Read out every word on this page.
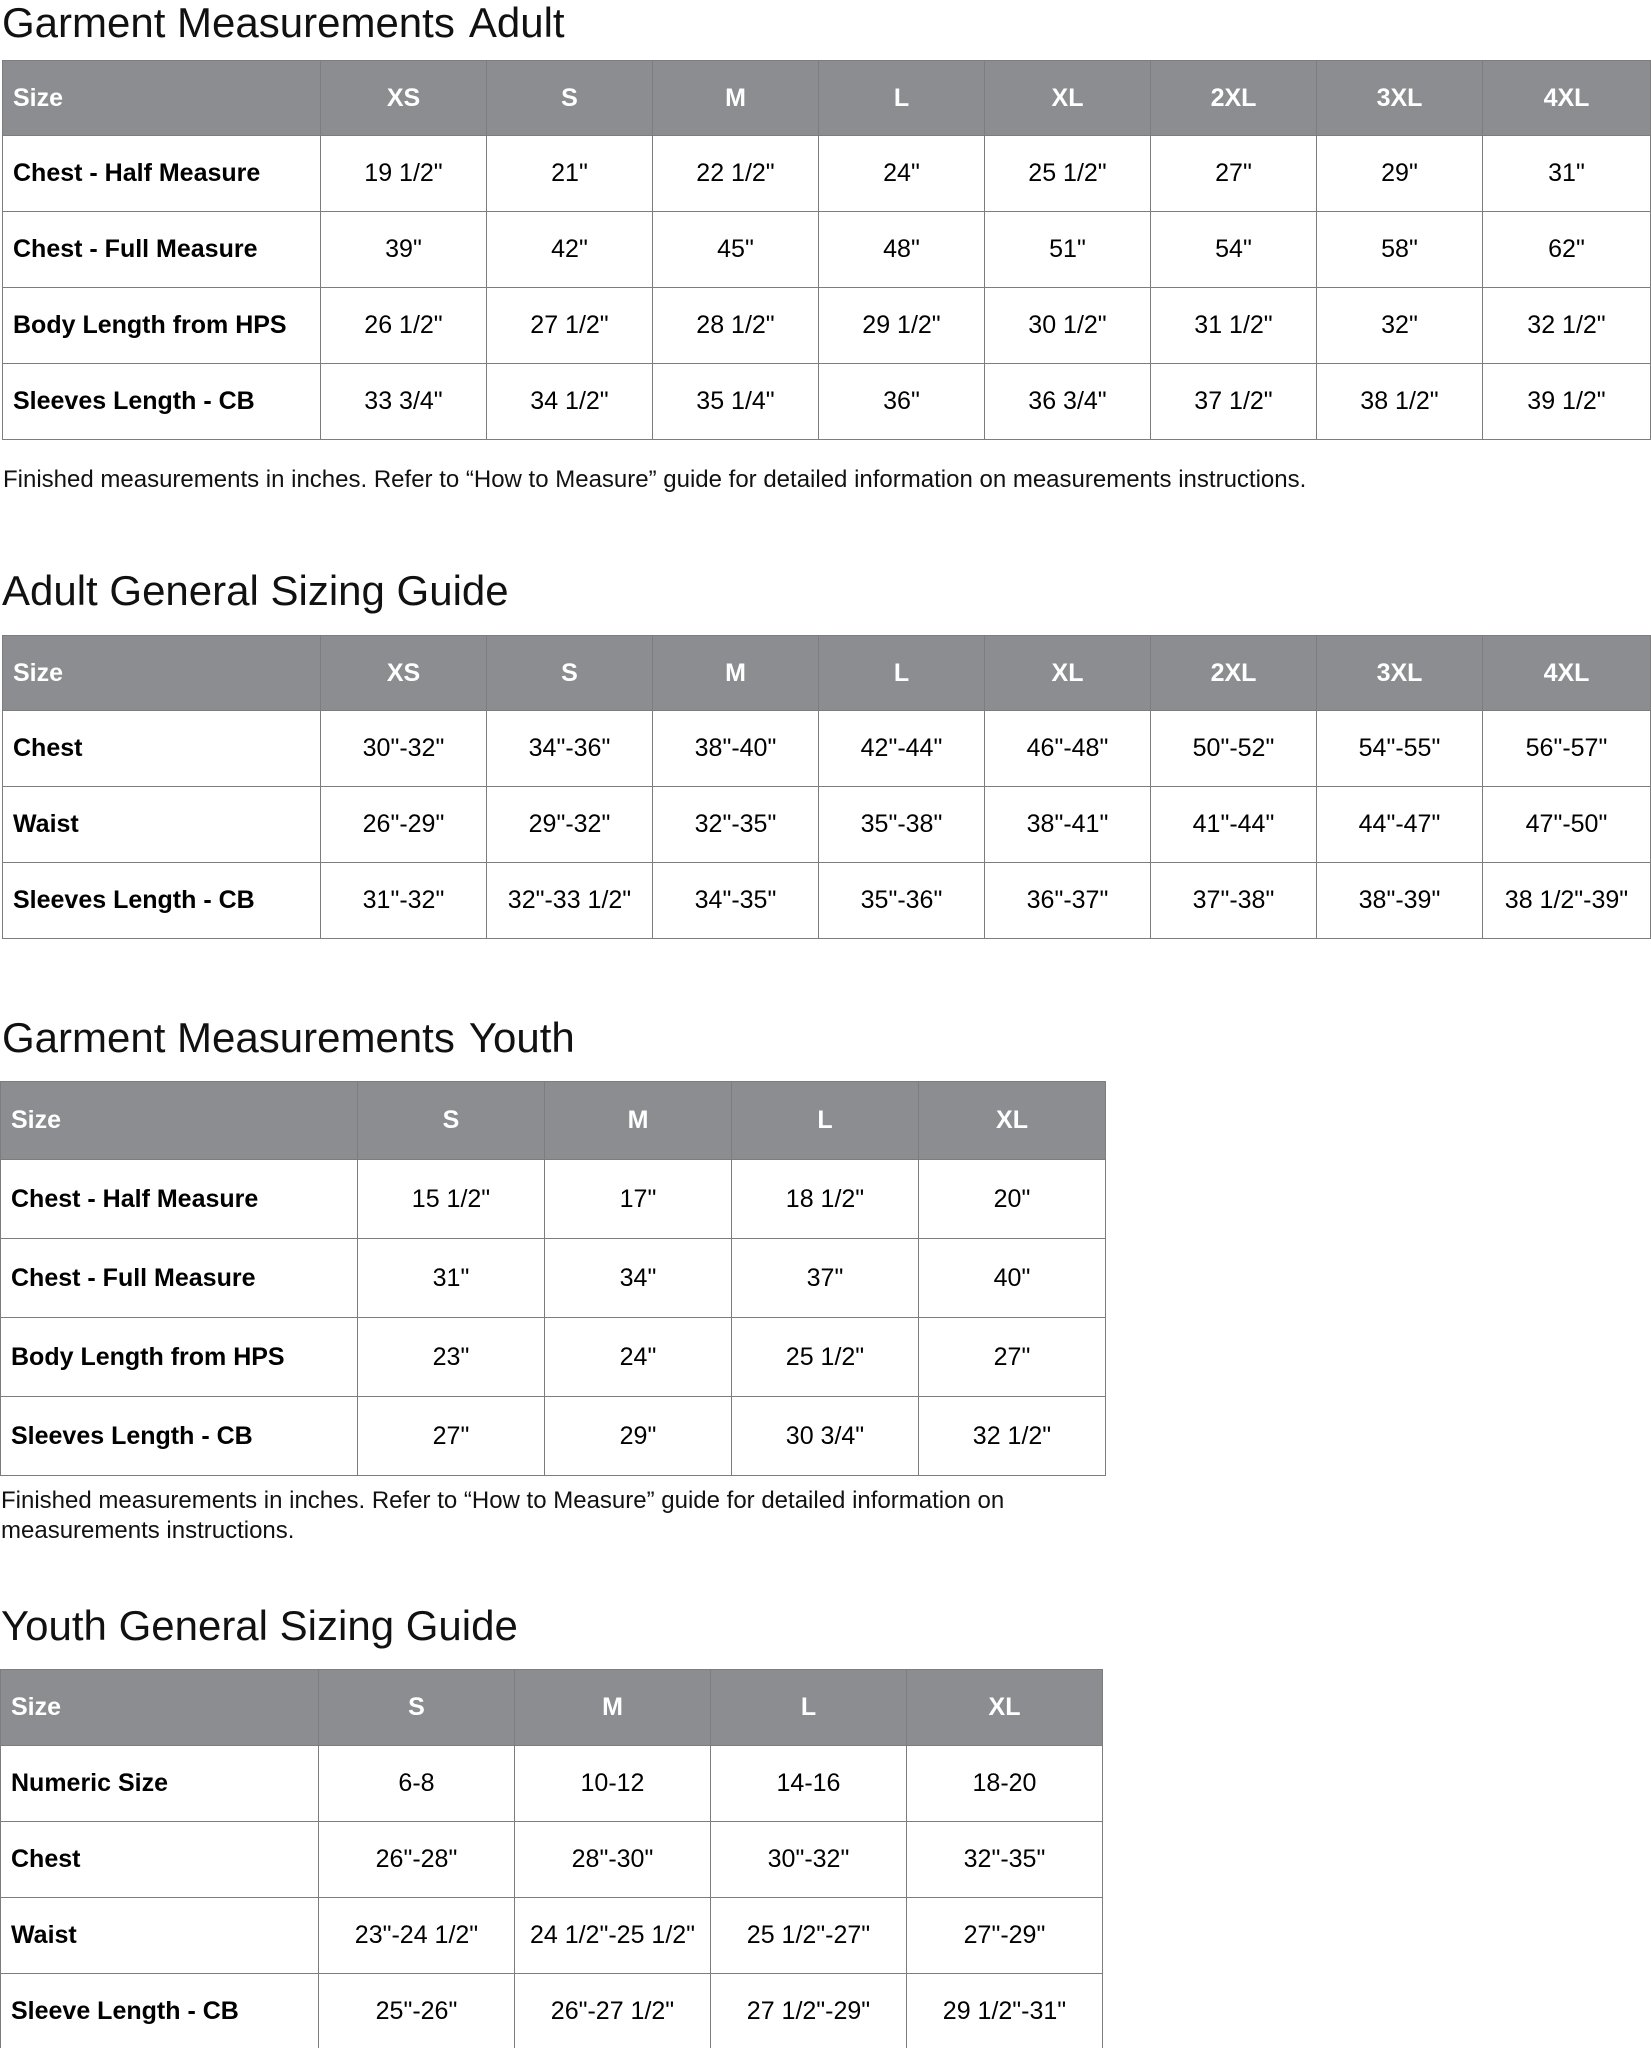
Garment Measurements Adult
Size	XS	S	M	L	XL	2XL	3XL	4XL
Chest - Half Measure	19 1/2"	21"	22 1/2"	24"	25 1/2"	27"	29"	31"
Chest - Full Measure	39"	42"	45"	48"	51"	54"	58"	62"
Body Length from HPS	26 1/2"	27 1/2"	28 1/2"	29 1/2"	30 1/2"	31 1/2"	32"	32 1/2"
Sleeves Length - CB	33 3/4"	34 1/2"	35 1/4"	36"	36 3/4"	37 1/2"	38 1/2"	39 1/2"

Finished measurements in inches. Refer to “How to Measure” guide for detailed information on measurements instructions.

Adult General Sizing Guide
Size	XS	S	M	L	XL	2XL	3XL	4XL
Chest	30"-32"	34"-36"	38"-40"	42"-44"	46"-48"	50"-52"	54"-55"	56"-57"
Waist	26"-29"	29"-32"	32"-35"	35"-38"	38"-41"	41"-44"	44"-47"	47"-50"
Sleeves Length - CB	31"-32"	32"-33 1/2"	34"-35"	35"-36"	36"-37"	37"-38"	38"-39"	38 1/2"-39"
Garment Measurements Youth
Size	S	M	L	XL
Chest - Half Measure	15 1/2"	17"	18 1/2"	20"
Chest - Full Measure	31"	34"	37"	40"
Body Length from HPS	23"	24"	25 1/2"	27"
Sleeves Length - CB	27"	29"	30 3/4"	32 1/2"

Finished measurements in inches. Refer to “How to Measure” guide for detailed information on
measurements instructions.

Youth General Sizing Guide
Size	S	M	L	XL
Numeric Size	6-8	10-12	14-16	18-20
Chest	26"-28"	28"-30"	30"-32"	32"-35"
Waist	23"-24 1/2"	24 1/2"-25 1/2"	25 1/2"-27"	27"-29"
Sleeve Length - CB	25"-26"	26"-27 1/2"	27 1/2"-29"	29 1/2"-31"
